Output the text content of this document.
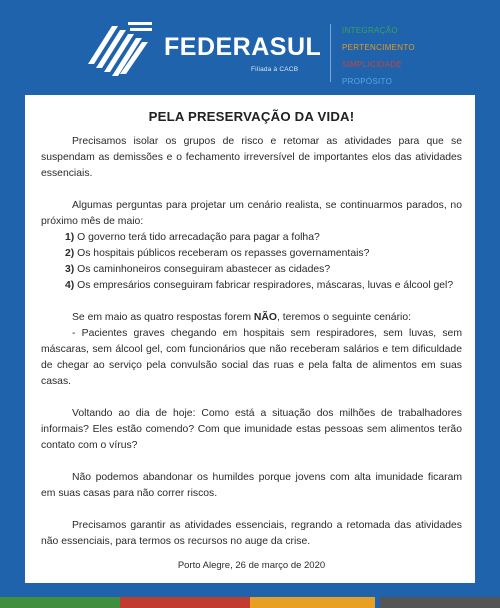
FEDERASUL
Filiada à CACB
INTEGRAÇÃO
PERTENCIMENTO
SIMPLICIDADE
PROPÓSITO
PELA PRESERVAÇÃO DA VIDA!

Precisamos isolar os grupos de risco e retomar as atividades para que se suspendam as demissões e o fechamento irreversível de importantes elos das atividades essenciais.

Algumas perguntas para projetar um cenário realista, se continuarmos parados, no próximo mês de maio:

1) O governo terá tido arrecadação para pagar a folha?
2) Os hospitais públicos receberam os repasses governamentais?
3) Os caminhoneiros conseguiram abastecer as cidades?
4) Os empresários conseguiram fabricar respiradores, máscaras, luvas e álcool gel?

Se em maio as quatro respostas forem NÃO, teremos o seguinte cenário:

- Pacientes graves chegando em hospitais sem respiradores, sem luvas, sem máscaras, sem álcool gel, com funcionários que não receberam salários e tem dificuldade de chegar ao serviço pela convulsão social das ruas e pela falta de alimentos em suas casas.

Voltando ao dia de hoje: Como está a situação dos milhões de trabalhadores informais? Eles estão comendo? Com que imunidade estas pessoas sem alimentos terão contato com o vírus?

Não podemos abandonar os humildes porque jovens com alta imunidade ficaram em suas casas para não correr riscos.

Precisamos garantir as atividades essenciais, regrando a retomada das atividades não essenciais, para termos os recursos no auge da crise.

Porto Alegre, 26 de março de 2020
